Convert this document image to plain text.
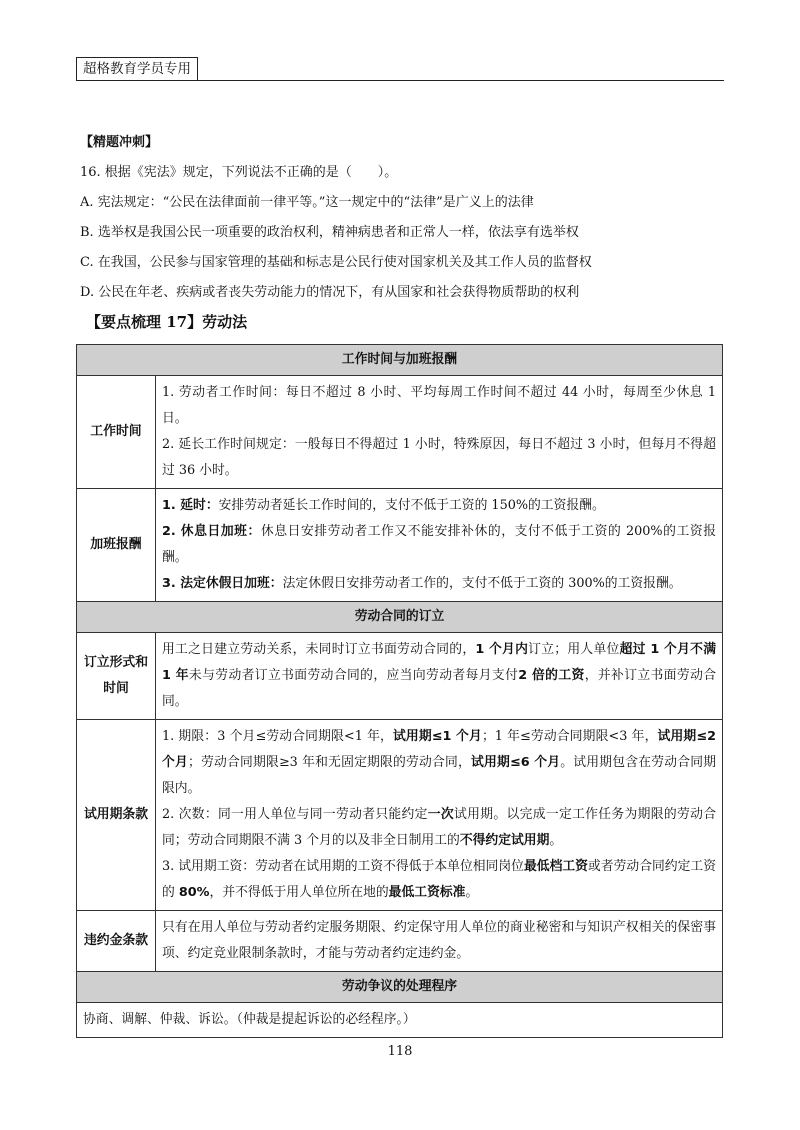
超格教育学员专用
【精题冲刺】
16. 根据《宪法》规定，下列说法不正确的是（　　）。
A. 宪法规定：“公民在法律面前一律平等。”这一规定中的“法律”是广义上的法律
B. 选举权是我国公民一项重要的政治权利，精神病患者和正常人一样，依法享有选举权
C. 在我国，公民参与国家管理的基础和标志是公民行使对国家机关及其工作人员的监督权
D. 公民在年老、疾病或者丧失劳动能力的情况下，有从国家和社会获得物质帮助的权利
【要点梳理 17】劳动法
工作时间与加班报酬	
工作时间	1. 劳动者工作时间：每日不超过 8 小时、平均每周工作时间不超过 44 小时，每周至少休息 1 日。
2. 延长工作时间规定：一般每日不得超过 1 小时，特殊原因，每日不超过 3 小时，但每月不得超过 36 小时。

加班报酬	1. 延时：安排劳动者延长工作时间的，支付不低于工资的 150%的工资报酬。
2. 休息日加班：休息日安排劳动者工作又不能安排补休的，支付不低于工资的 200%的工资报酬。
3. 法定休假日加班：法定休假日安排劳动者工作的，支付不低于工资的 300%的工资报酬。

劳动合同的订立	
订立形式和时间	用工之日建立劳动关系，未同时订立书面劳动合同的，1 个月内订立；用人单位超过 1 个月不满 1 年未与劳动者订立书面劳动合同的，应当向劳动者每月支付2 倍的工资，并补订立书面劳动合同。
试用期条款	1. 期限：3 个月≤劳动合同期限<1 年，试用期≤1 个月；1 年≤劳动合同期限<3 年，试用期≤2 个月；劳动合同期限≥3 年和无固定期限的劳动合同，试用期≤6 个月。试用期包含在劳动合同期限内。
2. 次数：同一用人单位与同一劳动者只能约定一次试用期。以完成一定工作任务为期限的劳动合同；劳动合同期限不满 3 个月的以及非全日制用工的不得约定试用期。
3. 试用期工资：劳动者在试用期的工资不得低于本单位相同岗位最低档工资或者劳动合同约定工资的 80%，并不得低于用人单位所在地的最低工资标准。

违约金条款	只有在用人单位与劳动者约定服务期限、约定保守用人单位的商业秘密和与知识产权相关的保密事项、约定竞业限制条款时，才能与劳动者约定违约金。
劳动争议的处理程序	
协商、调解、仲裁、诉讼。（仲裁是提起诉讼的必经程序。）	
118
